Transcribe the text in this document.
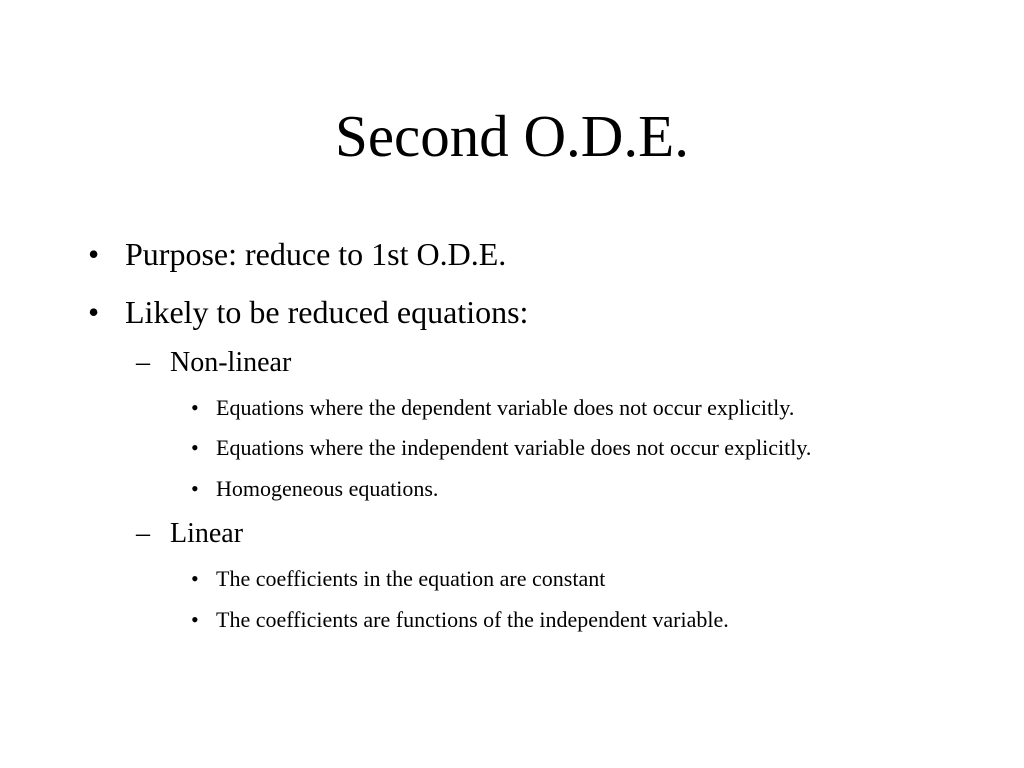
Second O.D.E.
• Purpose: reduce to 1st O.D.E.
• Likely to be reduced equations:
– Non-linear
• Equations where the dependent variable does not occur explicitly.
• Equations where the independent variable does not occur explicitly.
• Homogeneous equations.
– Linear
• The coefficients in the equation are constant
• The coefficients are functions of the independent variable.
